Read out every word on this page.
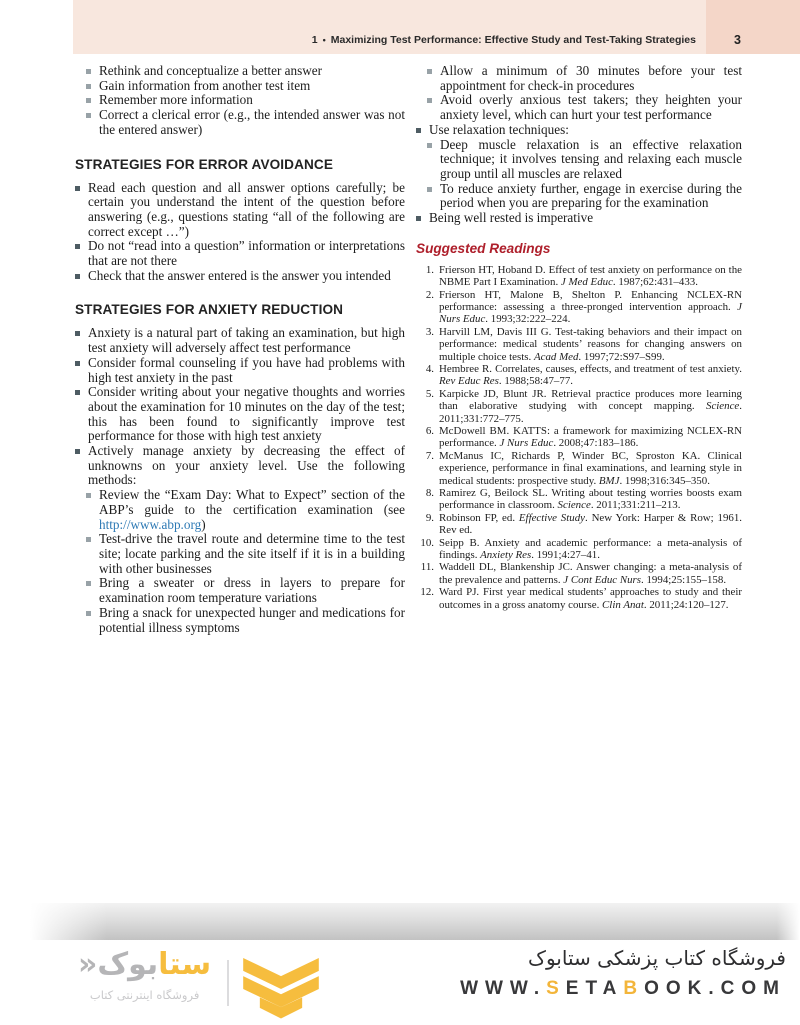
1 • Maximizing Test Performance: Effective Study and Test-Taking Strategies	3
Rethink and conceptualize a better answer
Gain information from another test item
Remember more information
Correct a clerical error (e.g., the intended answer was not the entered answer)
STRATEGIES FOR ERROR AVOIDANCE
Read each question and all answer options carefully; be certain you understand the intent of the question before answering (e.g., questions stating “all of the following are correct except …”)
Do not “read into a question” information or interpretations that are not there
Check that the answer entered is the answer you intended
STRATEGIES FOR ANXIETY REDUCTION
Anxiety is a natural part of taking an examination, but high test anxiety will adversely affect test performance
Consider formal counseling if you have had problems with high test anxiety in the past
Consider writing about your negative thoughts and worries about the examination for 10 minutes on the day of the test; this has been found to significantly improve test performance for those with high test anxiety
Actively manage anxiety by decreasing the effect of unknowns on your anxiety level. Use the following methods:
Review the “Exam Day: What to Expect” section of the ABP’s guide to the certification examination (see http://www.abp.org)
Test-drive the travel route and determine time to the test site; locate parking and the site itself if it is in a building with other businesses
Bring a sweater or dress in layers to prepare for examination room temperature variations
Bring a snack for unexpected hunger and medications for potential illness symptoms
Allow a minimum of 30 minutes before your test appointment for check-in procedures
Avoid overly anxious test takers; they heighten your anxiety level, which can hurt your test performance
Use relaxation techniques:
Deep muscle relaxation is an effective relaxation technique; it involves tensing and relaxing each muscle group until all muscles are relaxed
To reduce anxiety further, engage in exercise during the period when you are preparing for the examination
Being well rested is imperative
Suggested Readings
1. Frierson HT, Hoband D. Effect of test anxiety on performance on the NBME Part I Examination. J Med Educ. 1987;62:431–433.
2. Frierson HT, Malone B, Shelton P. Enhancing NCLEX-RN performance: assessing a three-pronged intervention approach. J Nurs Educ. 1993;32:222–224.
3. Harvill LM, Davis III G. Test-taking behaviors and their impact on performance: medical students’ reasons for changing answers on multiple choice tests. Acad Med. 1997;72:S97–S99.
4. Hembree R. Correlates, causes, effects, and treatment of test anxiety. Rev Educ Res. 1988;58:47–77.
5. Karpicke JD, Blunt JR. Retrieval practice produces more learning than elaborative studying with concept mapping. Science. 2011;331:772–775.
6. McDowell BM. KATTS: a framework for maximizing NCLEX-RN performance. J Nurs Educ. 2008;47:183–186.
7. McManus IC, Richards P, Winder BC, Sproston KA. Clinical experience, performance in final examinations, and learning style in medical students: prospective study. BMJ. 1998;316:345–350.
8. Ramirez G, Beilock SL. Writing about testing worries boosts exam performance in classroom. Science. 2011;331:211–213.
9. Robinson FP, ed. Effective Study. New York: Harper & Row; 1961. Rev ed.
10. Seipp B. Anxiety and academic performance: a meta-analysis of findings. Anxiety Res. 1991;4:27–41.
11. Waddell DL, Blankenship JC. Answer changing: a meta-analysis of the prevalence and patterns. J Cont Educ Nurs. 1994;25:155–158.
12. Ward PJ. First year medical students’ approaches to study and their outcomes in a gross anatomy course. Clin Anat. 2011;24:120–127.
ستابوک«
فروشگاه اینترنتی کتاب
فروشگاه کتاب پزشکی ستابوک
WWW.SETABOOK.COM
